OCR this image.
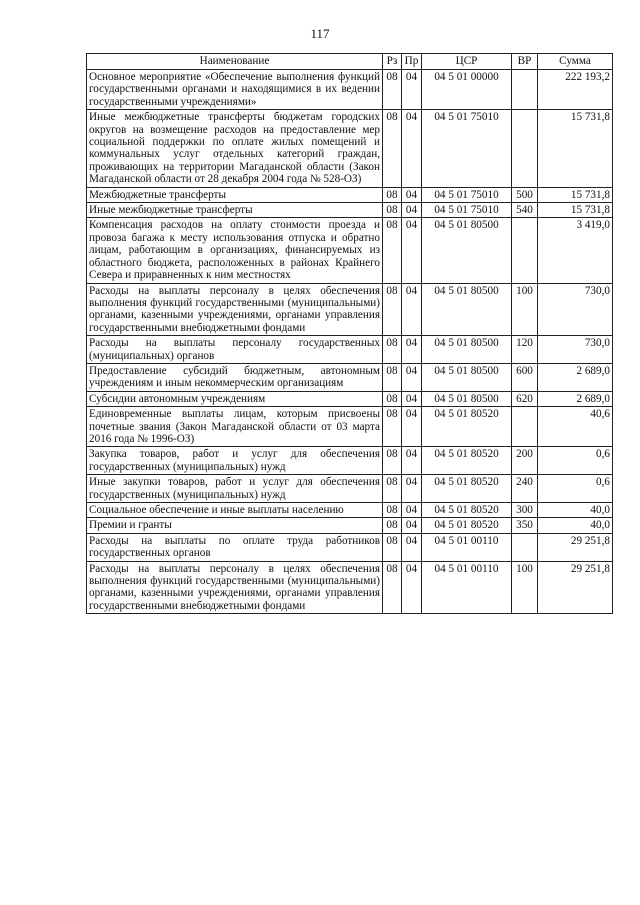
117
Наименование	Рз	Пр	ЦСР	ВР	Сумма
Основное мероприятие «Обеспечение выполнения функций государственными органами и находящимися в их ведении государственными учреждениями»	08	04	04 5 01 00000		222 193,2
Иные межбюджетные трансферты бюджетам городских округов на возмещение расходов на предоставление мер социальной поддержки по оплате жилых помещений и коммунальных услуг отдельных категорий граждан, проживающих на территории Магаданской области (Закон Магаданской области от 28 декабря 2004 года № 528-ОЗ)	08	04	04 5 01 75010		15 731,8
Межбюджетные трансферты	08	04	04 5 01 75010	500	15 731,8
Иные межбюджетные трансферты	08	04	04 5 01 75010	540	15 731,8
Компенсация расходов на оплату стоимости проезда и провоза багажа к месту использования отпуска и обратно лицам, работающим в организациях, финансируемых из областного бюджета, расположенных в районах Крайнего Севера и приравненных к ним местностях	08	04	04 5 01 80500		3 419,0
Расходы на выплаты персоналу в целях обеспечения выполнения функций государственными (муниципальными) органами, казенными учреждениями, органами управления государственными внебюджетными фондами	08	04	04 5 01 80500	100	730,0
Расходы на выплаты персоналу государственных (муниципальных) органов	08	04	04 5 01 80500	120	730,0
Предоставление субсидий бюджетным, автономным учреждениям и иным некоммерческим организациям	08	04	04 5 01 80500	600	2 689,0
Субсидии автономным учреждениям	08	04	04 5 01 80500	620	2 689,0
Единовременные выплаты лицам, которым присвоены почетные звания (Закон Магаданской области от 03 марта 2016 года № 1996-ОЗ)	08	04	04 5 01 80520		40,6
Закупка товаров, работ и услуг для обеспечения государственных (муниципальных) нужд	08	04	04 5 01 80520	200	0,6
Иные закупки товаров, работ и услуг для обеспечения государственных (муниципальных) нужд	08	04	04 5 01 80520	240	0,6
Социальное обеспечение и иные выплаты населению	08	04	04 5 01 80520	300	40,0
Премии и гранты	08	04	04 5 01 80520	350	40,0
Расходы на выплаты по оплате труда работников государственных органов	08	04	04 5 01 00110		29 251,8
Расходы на выплаты персоналу в целях обеспечения выполнения функций государственными (муниципальными) органами, казенными учреждениями, органами управления государственными внебюджетными фондами	08	04	04 5 01 00110	100	29 251,8
